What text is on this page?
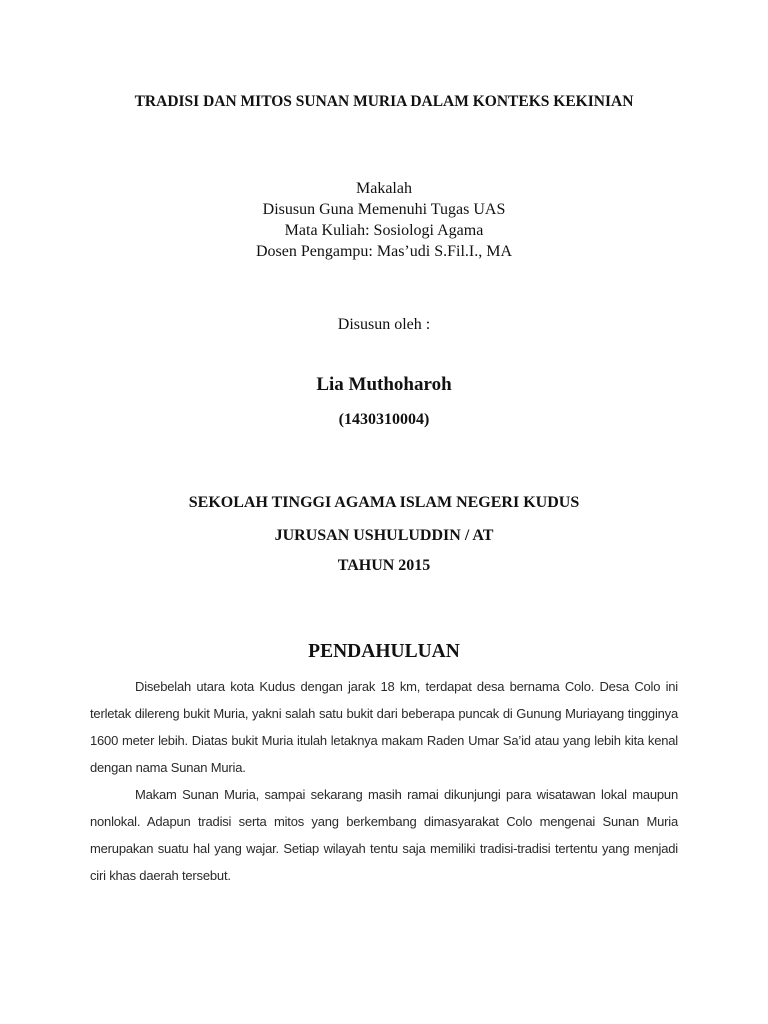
TRADISI DAN MITOS SUNAN MURIA DALAM KONTEKS KEKINIAN
Makalah
Disusun Guna Memenuhi Tugas UAS
Mata Kuliah: Sosiologi Agama
Dosen Pengampu: Mas’udi S.Fil.I., MA
Disusun oleh :
Lia Muthoharoh
(1430310004)
SEKOLAH TINGGI AGAMA ISLAM NEGERI KUDUS
JURUSAN USHULUDDIN / AT
TAHUN 2015
PENDAHULUAN

Disebelah utara kota Kudus dengan jarak 18 km, terdapat desa bernama Colo. Desa Colo ini terletak dilereng bukit Muria, yakni salah satu bukit dari beberapa puncak di Gunung Muriayang tingginya 1600 meter lebih. Diatas bukit Muria itulah letaknya makam Raden Umar Sa’id atau yang lebih kita kenal dengan nama Sunan Muria.

Makam Sunan Muria, sampai sekarang masih ramai dikunjungi para wisatawan lokal maupun nonlokal. Adapun tradisi serta mitos yang berkembang dimasyarakat Colo mengenai Sunan Muria merupakan suatu hal yang wajar. Setiap wilayah tentu saja memiliki tradisi-tradisi tertentu yang menjadi ciri khas daerah tersebut.
